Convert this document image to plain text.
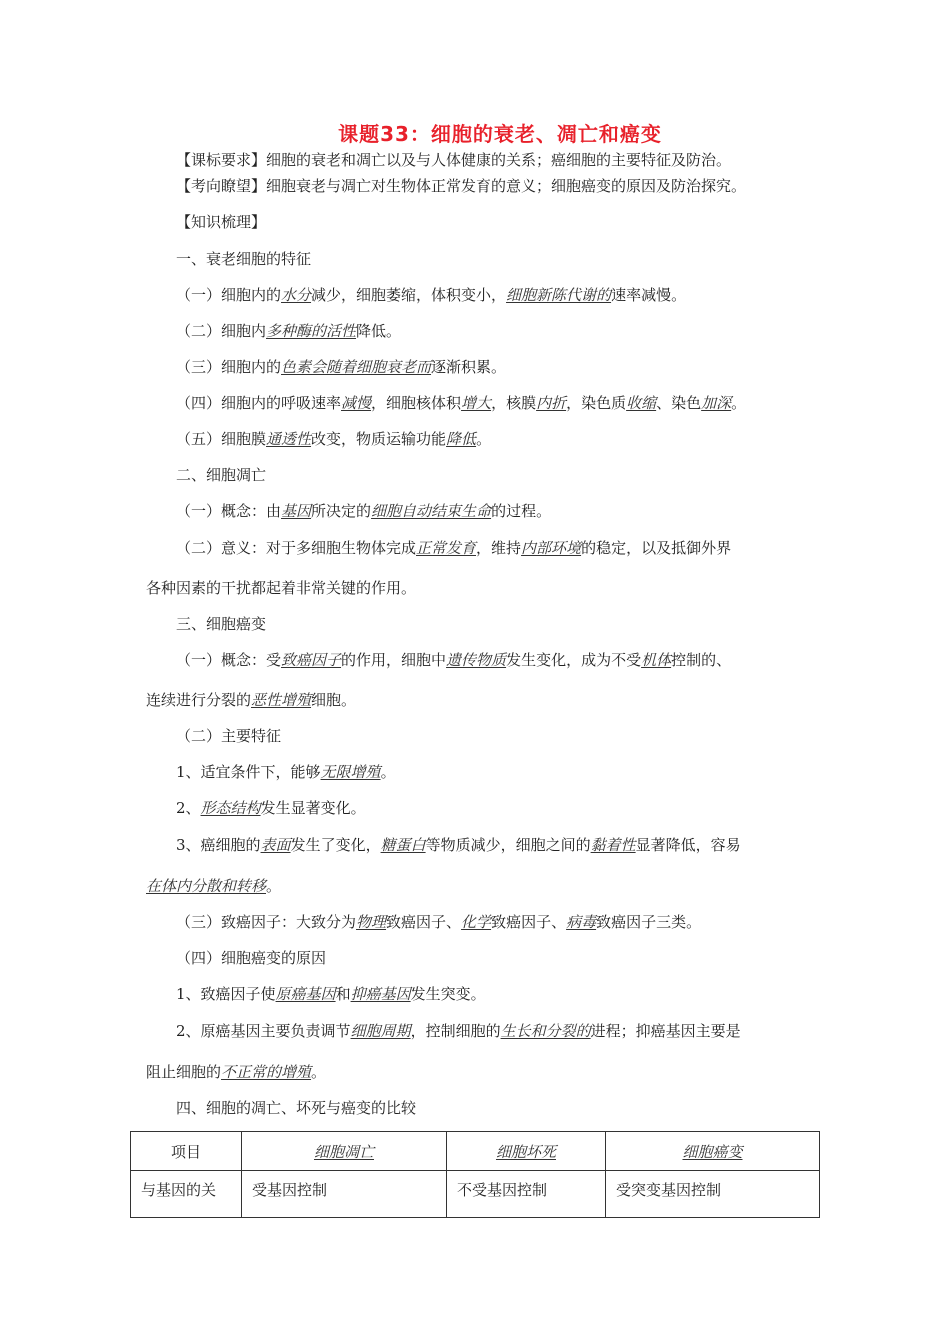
课题33：细胞的衰老、凋亡和癌变
【课标要求】细胞的衰老和凋亡以及与人体健康的关系；癌细胞的主要特征及防治。
【考向瞭望】细胞衰老与凋亡对生物体正常发育的意义；细胞癌变的原因及防治探究。
【知识梳理】
一、衰老细胞的特征
（一）细胞内的水分减少，细胞萎缩，体积变小，细胞新陈代谢的速率减慢。
（二）细胞内多种酶的活性降低。
（三）细胞内的色素会随着细胞衰老而逐渐积累。
（四）细胞内的呼吸速率减慢，细胞核体积增大，核膜内折，染色质收缩、染色加深。
（五）细胞膜通透性改变，物质运输功能降低。
二、细胞凋亡
（一）概念：由基因所决定的细胞自动结束生命的过程。
（二）意义：对于多细胞生物体完成正常发育，维持内部环境的稳定，以及抵御外界
各种因素的干扰都起着非常关键的作用。
三、细胞癌变
（一）概念：受致癌因子的作用，细胞中遗传物质发生变化，成为不受机体控制的、
连续进行分裂的恶性增殖细胞。
（二）主要特征
1、适宜条件下，能够无限增殖。
2、形态结构发生显著变化。
3、癌细胞的表面发生了变化，糖蛋白等物质减少，细胞之间的黏着性显著降低，容易
在体内分散和转移。
（三）致癌因子：大致分为物理致癌因子、化学致癌因子、病毒致癌因子三类。
（四）细胞癌变的原因
1、致癌因子使原癌基因和抑癌基因发生突变。
2、原癌基因主要负责调节细胞周期，控制细胞的生长和分裂的进程；抑癌基因主要是
阻止细胞的不正常的增殖。
四、细胞的凋亡、坏死与癌变的比较
项目	细胞凋亡	细胞坏死	细胞癌变
与基因的关	受基因控制	不受基因控制	受突变基因控制
